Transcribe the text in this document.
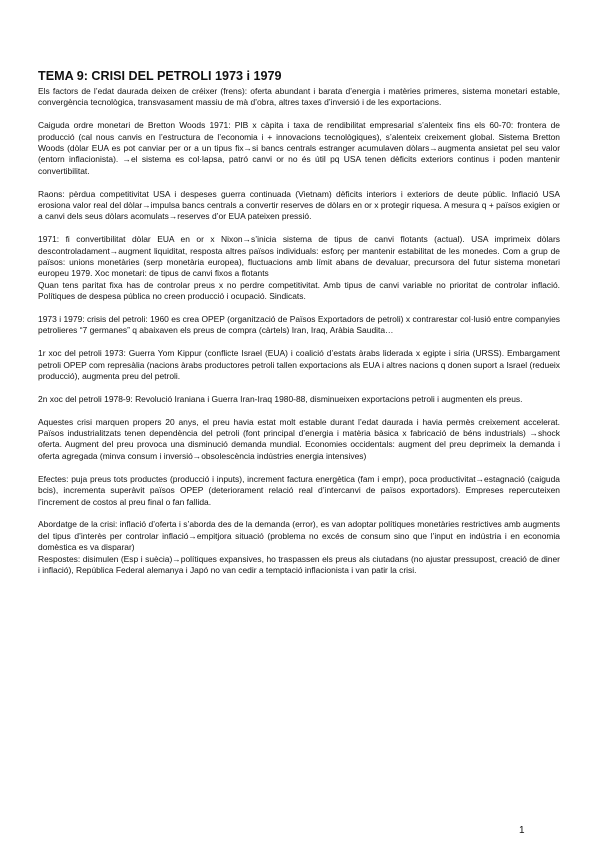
TEMA 9: CRISI DEL PETROLI 1973 i 1979

Els factors de l’edat daurada deixen de créixer (frens): oferta abundant i barata d’energia i matèries primeres, sistema monetari estable, convergència tecnològica, transvasament massiu de mà d’obra, altres taxes d’inversió i de les exportacions.

Caiguda ordre monetari de Bretton Woods 1971: PIB x càpita i taxa de rendibilitat empresarial s’alenteix fins els 60-70: frontera de producció (cal nous canvis en l’estructura de l’economia i + innovacions tecnològiques), s’alenteix creixement global. Sistema Bretton Woods (dòlar EUA es pot canviar per or a un tipus fix→si bancs centrals estranger acumulaven dòlars→augmenta ansietat pel seu valor (entorn inflacionista). →el sistema es col·lapsa, patró canvi or no és útil pq USA tenen dèficits exteriors continus i poden mantenir convertibilitat.

Raons: pèrdua competitivitat USA i despeses guerra continuada (Vietnam) dèficits interiors i exteriors de deute públic. Inflació USA erosiona valor real del dòlar→impulsa bancs centrals a convertir reserves de dòlars en or x protegir riquesa. A mesura q + països exigien or a canvi dels seus dòlars acomulats→reserves d’or EUA pateixen pressió.

1971: fi convertibilitat dòlar EUA en or x Nixon→s’inicia sistema de tipus de canvi flotants (actual). USA imprimeix dòlars descontroladament→augment liquiditat, resposta altres països individuals: esforç per mantenir estabilitat de les monedes. Com a grup de països: unions monetàries (serp monetària europea), fluctuacions amb límit abans de devaluar, precursora del futur sistema monetari europeu 1979. Xoc monetari: de tipus de canvi fixos a flotants

Quan tens paritat fixa has de controlar preus x no perdre competitivitat. Amb tipus de canvi variable no prioritat de controlar inflació. Polítiques de despesa pública no creen producció i ocupació. Sindicats.

1973 i 1979: crisis del petroli: 1960 es crea OPEP (organització de Països Exportadors de petroli) x contrarestar col·lusió entre companyies petrolieres “7 germanes” q abaixaven els preus de compra (càrtels) Iran, Iraq, Aràbia Saudita…

1r xoc del petroli 1973: Guerra Yom Kippur (conflicte Israel (EUA) i coalició d’estats àrabs liderada x egipte i síria (URSS). Embargament petroli OPEP com represàlia (nacions àrabs productores petroli tallen exportacions als EUA i altres nacions q donen suport a Israel (redueix producció), augmenta preu del petroli.

2n xoc del petroli 1978-9: Revolució Iraniana i Guerra Iran-Iraq 1980-88, disminueixen exportacions petroli i augmenten els preus.

Aquestes crisi marquen propers 20 anys, el preu havia estat molt estable durant l’edat daurada i havia permès creixement accelerat. Països industrialitzats tenen dependència del petroli (font principal d’energia i matèria bàsica x fabricació de béns industrials) →shock oferta. Augment del preu provoca una disminució demanda mundial. Economies occidentals: augment del preu deprimeix la demanda i oferta agregada (minva consum i inversió→obsolescència indústries energia intensives)

Efectes: puja preus tots productes (producció i inputs), increment factura energètica (fam i empr), poca productivitat→estagnació (caiguda bcis), incrementa superàvit països OPEP (deteriorament relació real d’intercanvi de països exportadors). Empreses repercuteixen l’increment de costos al preu final o fan fallida.

Abordatge de la crisi: inflació d’oferta i s’aborda des de la demanda (error), es van adoptar polítiques monetàries restrictives amb augments del tipus d’interès per controlar inflació→empitjora situació (problema no excés de consum sino que l’input en indústria i en economia domèstica es va disparar)

Respostes: disimulen (Esp i suècia)→polítiques expansives, ho traspassen els preus als ciutadans (no ajustar pressupost, creació de diner i inflació), República Federal alemanya i Japó no van cedir a temptació inflacionista i van patir la crisi.

1
